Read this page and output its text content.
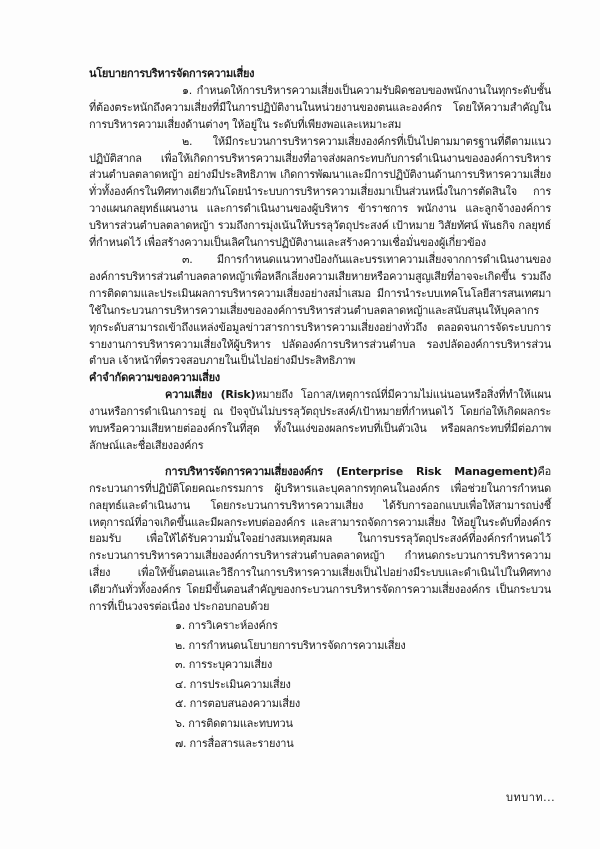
นโยบายการบริหารจัดการความเสี่ยง

๑. กำหนดให้การบริหารความเสี่ยงเป็นความรับผิดชอบของพนักงานในทุกระดับชั้นที่ต้องตระหนักถึงความเสี่ยงที่มีในการปฏิบัติงานในหน่วยงานของตนและองค์กร โดยให้ความสำคัญในการบริหารความเสี่ยงด้านต่างๆ ให้อยู่ใน ระดับที่เพียงพอและเหมาะสม

๒. ให้มีกระบวนการบริหารความเสี่ยงองค์กรที่เป็นไปตามมาตรฐานที่ดีตามแนวปฏิบัติสากล เพื่อให้เกิดการบริหารความเสี่ยงที่อาจส่งผลกระทบกับการดำเนินงานขององค์การบริหารส่วนตำบลตลาดหญ้า อย่างมีประสิทธิภาพ เกิดการพัฒนาและมีการปฏิบัติงานด้านการบริหารความเสี่ยงทั่วทั้งองค์กรในทิศทางเดียวกันโดยนำระบบการบริหารความเสี่ยงมาเป็นส่วนหนึ่งในการตัดสินใจ การวางแผนกลยุทธ์แผนงาน และการดำเนินงานของผู้บริหาร ข้าราชการ พนักงาน และลูกจ้างองค์การบริหารส่วนตำบลตลาดหญ้า รวมถึงการมุ่งเน้นให้บรรลุวัตถุประสงค์ เป้าหมาย วิสัยทัศน์ พันธกิจ กลยุทธ์ ที่กำหนดไว้ เพื่อสร้างความเป็นเลิศในการปฏิบัติงานและสร้างความเชื่อมั่นของผู้เกี่ยวข้อง

๓. มีการกำหนดแนวทางป้องกันและบรรเทาความเสี่ยงจากการดำเนินงานขององค์การบริหารส่วนตำบลตลาดหญ้าเพื่อหลีกเลี่ยงความเสียหายหรือความสูญเสียที่อาจจะเกิดขึ้น รวมถึงการติดตามและประเมินผลการบริหารความเสี่ยงอย่างสม่ำเสมอ มีการนำระบบเทคโนโลยีสารสนเทศมาใช้ในกระบวนการบริหารความเสี่ยงขององค์การบริหารส่วนตำบลตลาดหญ้าและสนับสนุนให้บุคลากรทุกระดับสามารถเข้าถึงแหล่งข้อมูลข่าวสารการบริหารความเสี่ยงอย่างทั่วถึง ตลอดจนการจัดระบบการรายงานการบริหารความเสี่ยงให้ผู้บริหาร ปลัดองค์การบริหารส่วนตำบล รองปลัดองค์การบริหารส่วนตำบล เจ้าหน้าที่ตรวจสอบภายในเป็นไปอย่างมีประสิทธิภาพ

คำจำกัดความของความเสี่ยง

ความเสี่ยง (Risk)หมายถึง โอกาส/เหตุการณ์ที่มีความไม่แน่นอนหรือสิ่งที่ทำให้แผนงานหรือการดำเนินการอยู่ ณ ปัจจุบันไม่บรรลุวัตถุประสงค์/เป้าหมายที่กำหนดไว้ โดยก่อให้เกิดผลกระทบหรือความเสียหายต่อองค์กรในที่สุด ทั้งในแง่ของผลกระทบที่เป็นตัวเงิน หรือผลกระทบที่มีต่อภาพลักษณ์และชื่อเสียงองค์กร

การบริหารจัดการความเสี่ยงองค์กร (Enterprise Risk Management)คือ กระบวนการที่ปฏิบัติโดยคณะกรรมการ ผู้บริหารและบุคลากรทุกคนในองค์กร เพื่อช่วยในการกำหนดกลยุทธ์และดำเนินงาน โดยกระบวนการบริหารความเสี่ยง ได้รับการออกแบบเพื่อให้สามารถบ่งชี้เหตุการณ์ที่อาจเกิดขึ้นและมีผลกระทบต่อองค์กร และสามารถจัดการความเสี่ยง ให้อยู่ในระดับที่องค์กรยอมรับ เพื่อให้ได้รับความมั่นใจอย่างสมเหตุสมผล ในการบรรลุวัตถุประสงค์ที่องค์กรกำหนดไว้กระบวนการบริหารความเสี่ยงองค์การบริหารส่วนตำบลตลาดหญ้า กำหนดกระบวนการบริหารความเสี่ยง เพื่อให้ขั้นตอนและวิธีการในการบริหารความเสี่ยงเป็นไปอย่างมีระบบและดำเนินไปในทิศทางเดียวกันทั่วทั้งองค์กร โดยมีขั้นตอนสำคัญของกระบวนการบริหารจัดการความเสี่ยงองค์กร เป็นกระบวนการที่เป็นวงจรต่อเนื่อง ประกอบกอบด้วย

๑. การวิเคราะห์องค์กร
๒. การกำหนดนโยบายการบริหารจัดการความเสี่ยง
๓. การระบุความเสี่ยง
๔. การประเมินความเสี่ยง
๕. การตอบสนองความเสี่ยง
๖. การติดตามและทบทวน
๗. การสื่อสารและรายงาน
บทบาท...
